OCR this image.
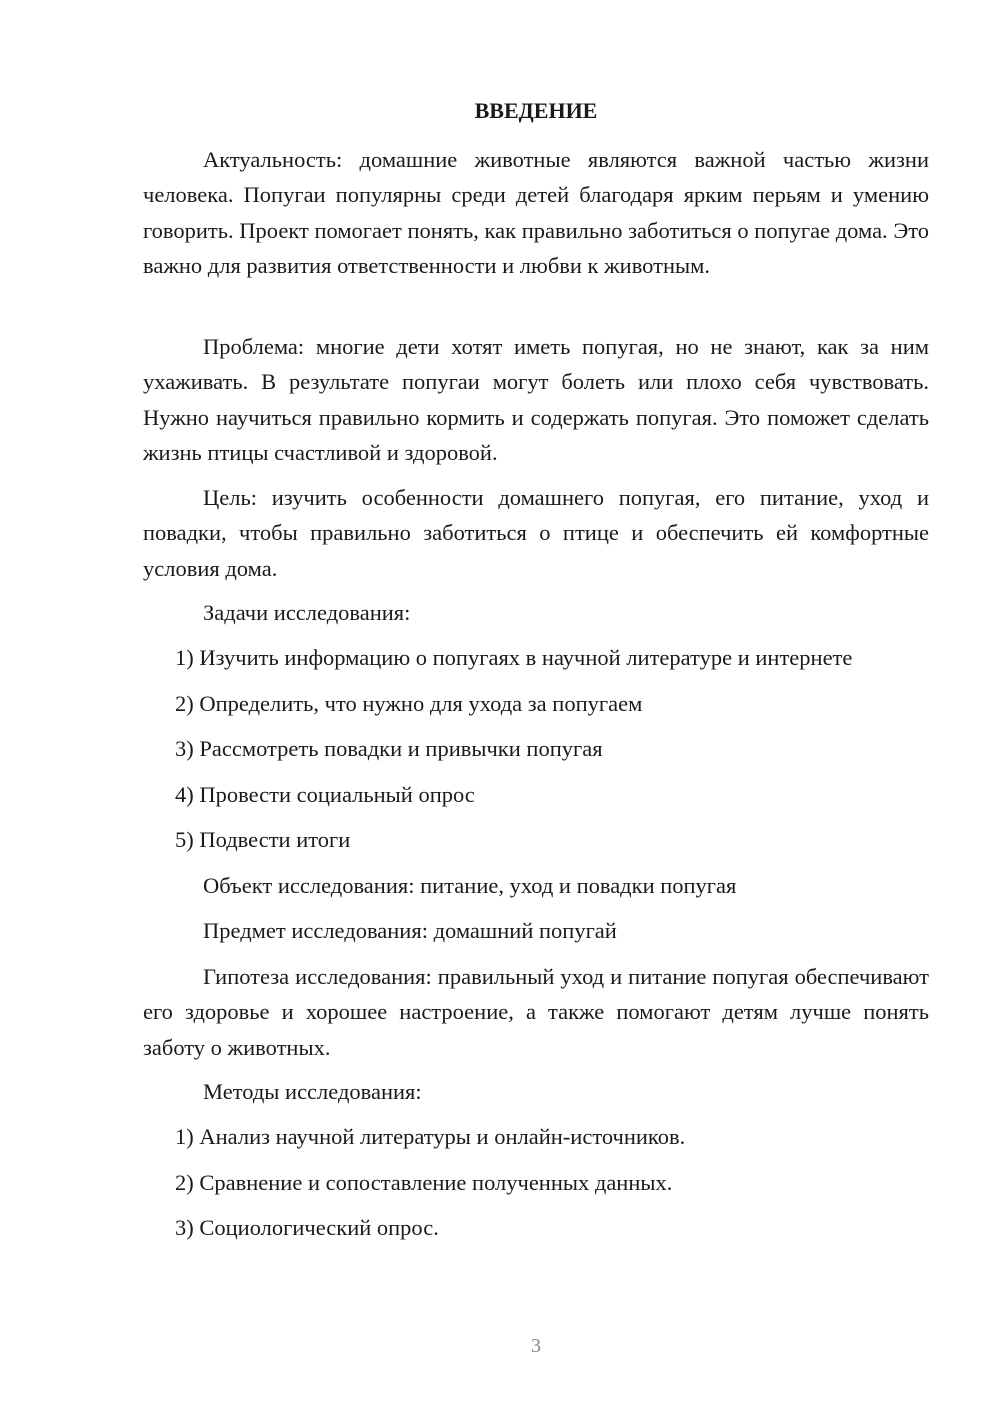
ВВЕДЕНИЕ

Актуальность: домашние животные являются важной частью жизни человека. Попугаи популярны среди детей благодаря ярким перьям и умению говорить. Проект помогает понять, как правильно заботиться о попугае дома. Это важно для развития ответственности и любви к животным.

Проблема: многие дети хотят иметь попугая, но не знают, как за ним ухаживать. В результате попугаи могут болеть или плохо себя чувствовать. Нужно научиться правильно кормить и содержать попугая. Это поможет сделать жизнь птицы счастливой и здоровой.

Цель: изучить особенности домашнего попугая, его питание, уход и повадки, чтобы правильно заботиться о птице и обеспечить ей комфортные условия дома.

Задачи исследования:

1) Изучить информацию о попугаях в научной литературе и интернете

2) Определить, что нужно для ухода за попугаем

3) Рассмотреть повадки и привычки попугая

4) Провести социальный опрос

5) Подвести итоги

Объект исследования: питание, уход и повадки попугая

Предмет исследования: домашний попугай

Гипотеза исследования: правильный уход и питание попугая обеспечивают его здоровье и хорошее настроение, а также помогают детям лучше понять заботу о животных.

Методы исследования:

1) Анализ научной литературы и онлайн-источников.

2) Сравнение и сопоставление полученных данных.

3) Социологический опрос.

3
